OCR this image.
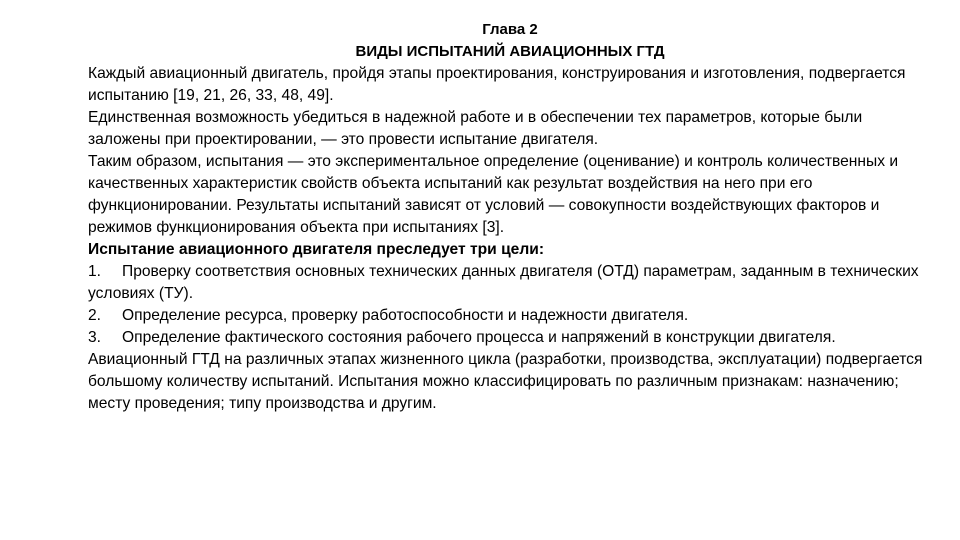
Глава 2

ВИДЫ ИСПЫТАНИЙ АВИАЦИОННЫХ ГТД

Каждый авиационный двигатель, пройдя этапы проектирования, конструирования и изготовления, подвергается испытанию [19, 21, 26, 33, 48, 49].

Единственная возможность убедиться в надежной работе и в обеспечении тех параметров, которые были заложены при проектировании, — это провести испытание двигателя.

Таким образом, испытания — это экспериментальное определение (оценивание) и контроль количественных и качественных характеристик свойств объекта испытаний как результат воздействия на него при его функционировании. Результаты испытаний зависят от условий — совокупности воздействующих факторов и режимов функционирования объекта при испытаниях [3].

Испытание авиационного двигателя преследует три цели:

1. Проверку соответствия основных технических данных двигателя (ОТД) параметрам, заданным в технических условиях (ТУ).

2. Определение ресурса, проверку работоспособности и надежности двигателя.

3. Определение фактического состояния рабочего процесса и напряжений в конструкции двигателя.

Авиационный ГТД на различных этапах жизненного цикла (разработки, производства, эксплуатации) подвергается большому количеству испытаний. Испытания можно классифицировать по различным признакам: назначению; месту проведения; типу производства и другим.
